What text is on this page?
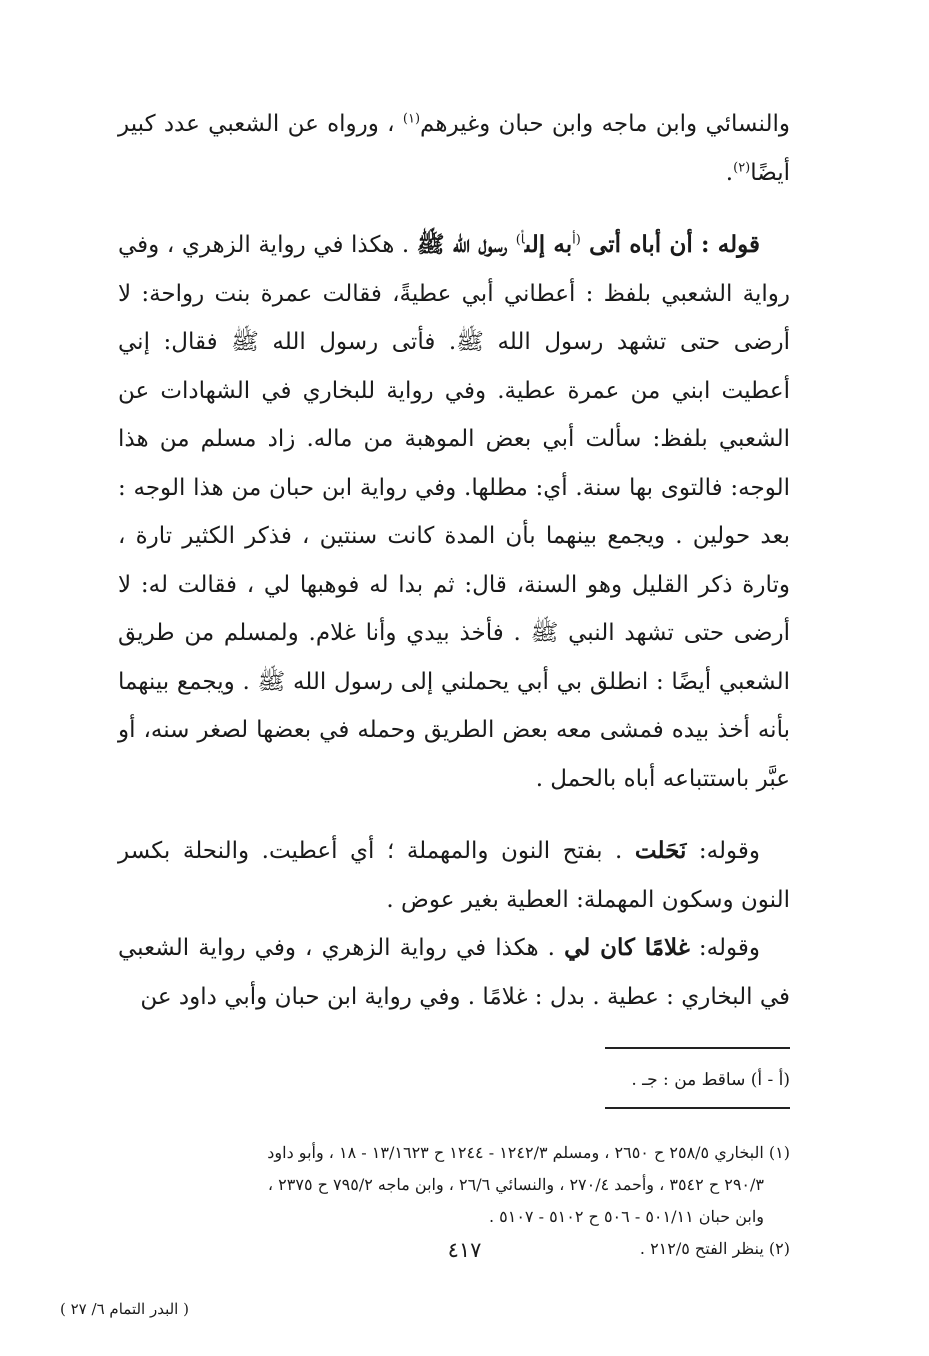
والنسائي وابن ماجه وابن حبان وغيرهم$^{(١)}$ ، ورواه عن الشعبي عدد كبير أيضًا$^{(٢)}$.

قوله : أن أباه أتى $^{(أ}$به إلى$^{أ)}$ رسول الله ﷺ . هكذا في رواية الزهري ، وفي رواية الشعبي بلفظ : أعطاني أبي عطيةً، فقالت عمرة بنت رواحة: لا أرضى حتى تشهد رسول الله ﷺ. فأتى رسول الله ﷺ فقال: إني أعطيت ابني من عمرة عطية. وفي رواية للبخاري في الشهادات عن الشعبي بلفظ: سألت أبي بعض الموهبة من ماله. زاد مسلم من هذا الوجه: فالتوى بها سنة. أي: مطلها. وفي رواية ابن حبان من هذا الوجه : بعد حولين . ويجمع بينهما بأن المدة كانت سنتين ، فذكر الكثير تارة ، وتارة ذكر القليل وهو السنة، قال: ثم بدا له فوهبها لي ، فقالت له: لا أرضى حتى تشهد النبي ﷺ . فأخذ بيدي وأنا غلام. ولمسلم من طريق الشعبي أيضًا : انطلق بي أبي يحملني إلى رسول الله ﷺ . ويجمع بينهما بأنه أخذ بيده فمشى معه بعض الطريق وحمله في بعضها لصغر سنه، أو عبَّر باستتباعه أباه بالحمل .

وقوله: نَحَلت . بفتح النون والمهملة ؛ أي أعطيت. والنحلة بكسر النون وسكون المهملة: العطية بغير عوض .

وقوله: غلامًا كان لي . هكذا في رواية الزهري ، وفي رواية الشعبي في البخاري : عطية . بدل : غلامًا . وفي رواية ابن حبان وأبي داود عن

(أ - أ) ساقط من : جـ .

(١) البخاري ٢٥٨/٥ ح ٢٦٥٠ ، ومسلم ١٢٤٢/٣ - ١٢٤٤ ح ١٣/١٦٢٣ - ١٨ ، وأبو داود

٢٩٠/٣ ح ٣٥٤٢ ، وأحمد ٢٧٠/٤ ، والنسائي ٢٦/٦ ، وابن ماجه ٧٩٥/٢ ح ٢٣٧٥ ،

وابن حبان ٥٠١/١١ - ٥٠٦ ح ٥١٠٢ - ٥١٠٧ .

(٢) ينظر الفتح ٢١٢/٥ .

٤١٧
( البدر التمام ٦/ ٢٧ )
